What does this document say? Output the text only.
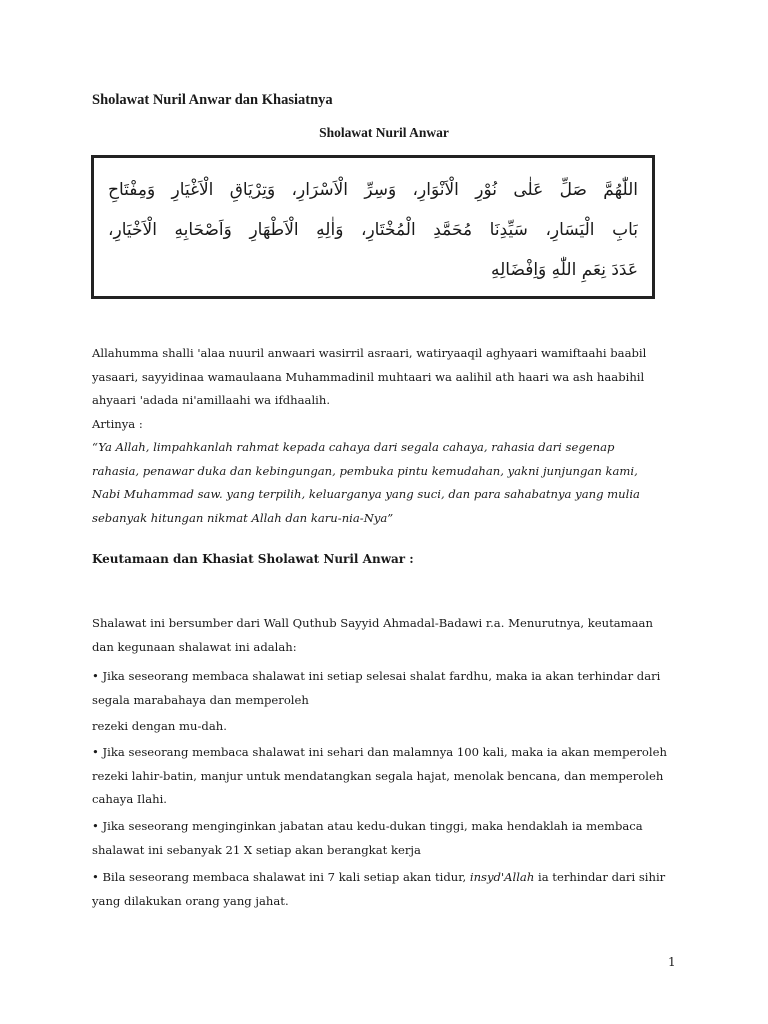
Sholawat Nuril Anwar dan Khasiatnya

Sholawat Nuril Anwar

اللّٰهُمَّ صَلِّ عَلٰى نُوْرِ الْاَنْوَارِ، وَسِرِّ الْاَسْرَارِ، وَتِرْيَاقِ الْاَغْيَارِ وَمِفْتَاحِ
بَابِ الْيَسَارِ، سَيِّدِنَا مُحَمَّدِ الْمُخْتَارِ، وَاٰلِهِ الْاَطْهَارِ وَاَصْحَابِهِ الْاَخْيَارِ،
عَدَدَ نِعَمِ اللّٰهِ وَاِفْضَالِهِ
Allahumma shalli 'alaa nuuril anwaari wasirril asraari, watiryaaqil aghyaari wamiftaahi baabil
yasaari, sayyidinaa wamaulaana Muhammadinil muhtaari wa aalihil ath haari wa ash haabihil
ahyaari 'adada ni'amillaahi wa ifdhaalih.
Artinya :
“Ya Allah, limpahkanlah rahmat kepada cahaya dari segala cahaya, rahasia dari segenap
rahasia, penawar duka dan kebingungan, pembuka pintu kemudahan, yakni junjungan kami,
Nabi Muhammad saw. yang terpilih, keluarganya yang suci, dan para sahabatnya yang mulia
sebanyak hitungan nikmat Allah dan karu-nia-Nya”

Keutamaan dan Khasiat Sholawat Nuril Anwar :

Shalawat ini bersumber dari Wall Quthub Sayyid Ahmadal-Badawi r.a. Menurutnya, keutamaan
dan kegunaan shalawat ini adalah:
• Jika seseorang membaca shalawat ini setiap selesai shalat fardhu, maka ia akan terhindar dari
segala marabahaya dan memperoleh
rezeki dengan mu-dah.
• Jika seseorang membaca shalawat ini sehari dan malamnya 100 kali, maka ia akan memperoleh
rezeki lahir-batin, manjur untuk mendatangkan segala hajat, menolak bencana, dan memperoleh
cahaya Ilahi.
• Jika seseorang menginginkan jabatan atau kedu-dukan tinggi, maka hendaklah ia membaca
shalawat ini sebanyak 21 X setiap akan berangkat kerja
• Bila seseorang membaca shalawat ini 7 kali setiap akan tidur, insyd'Allah ia terhindar dari sihir
yang dilakukan orang yang jahat.

1
